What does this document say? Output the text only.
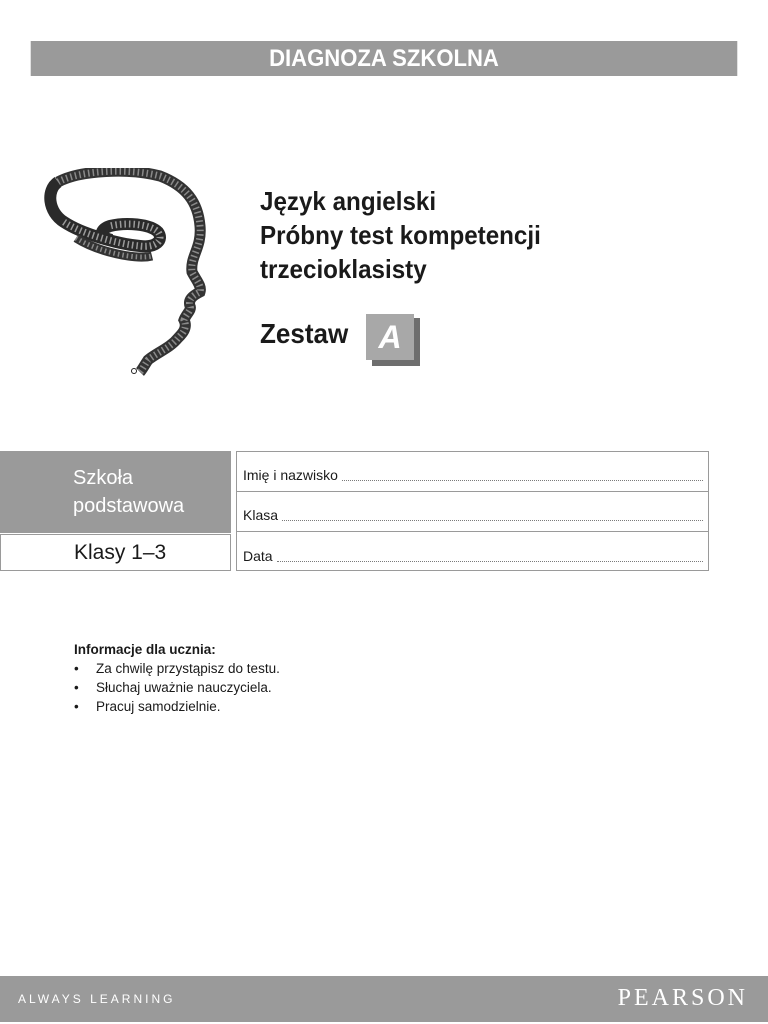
DIAGNOZA SZKOLNA
Język angielski
Próbny test kompetencji
trzecioklasisty
Zestaw A
Szkoła
podstawowa
Klasy 1–3
Imię i nazwisko
Klasa
Data
Informacje dla ucznia:
• Za chwilę przystąpisz do testu.
• Słuchaj uważnie nauczyciela.
• Pracuj samodzielnie.
ALWAYS LEARNING	PEARSON
